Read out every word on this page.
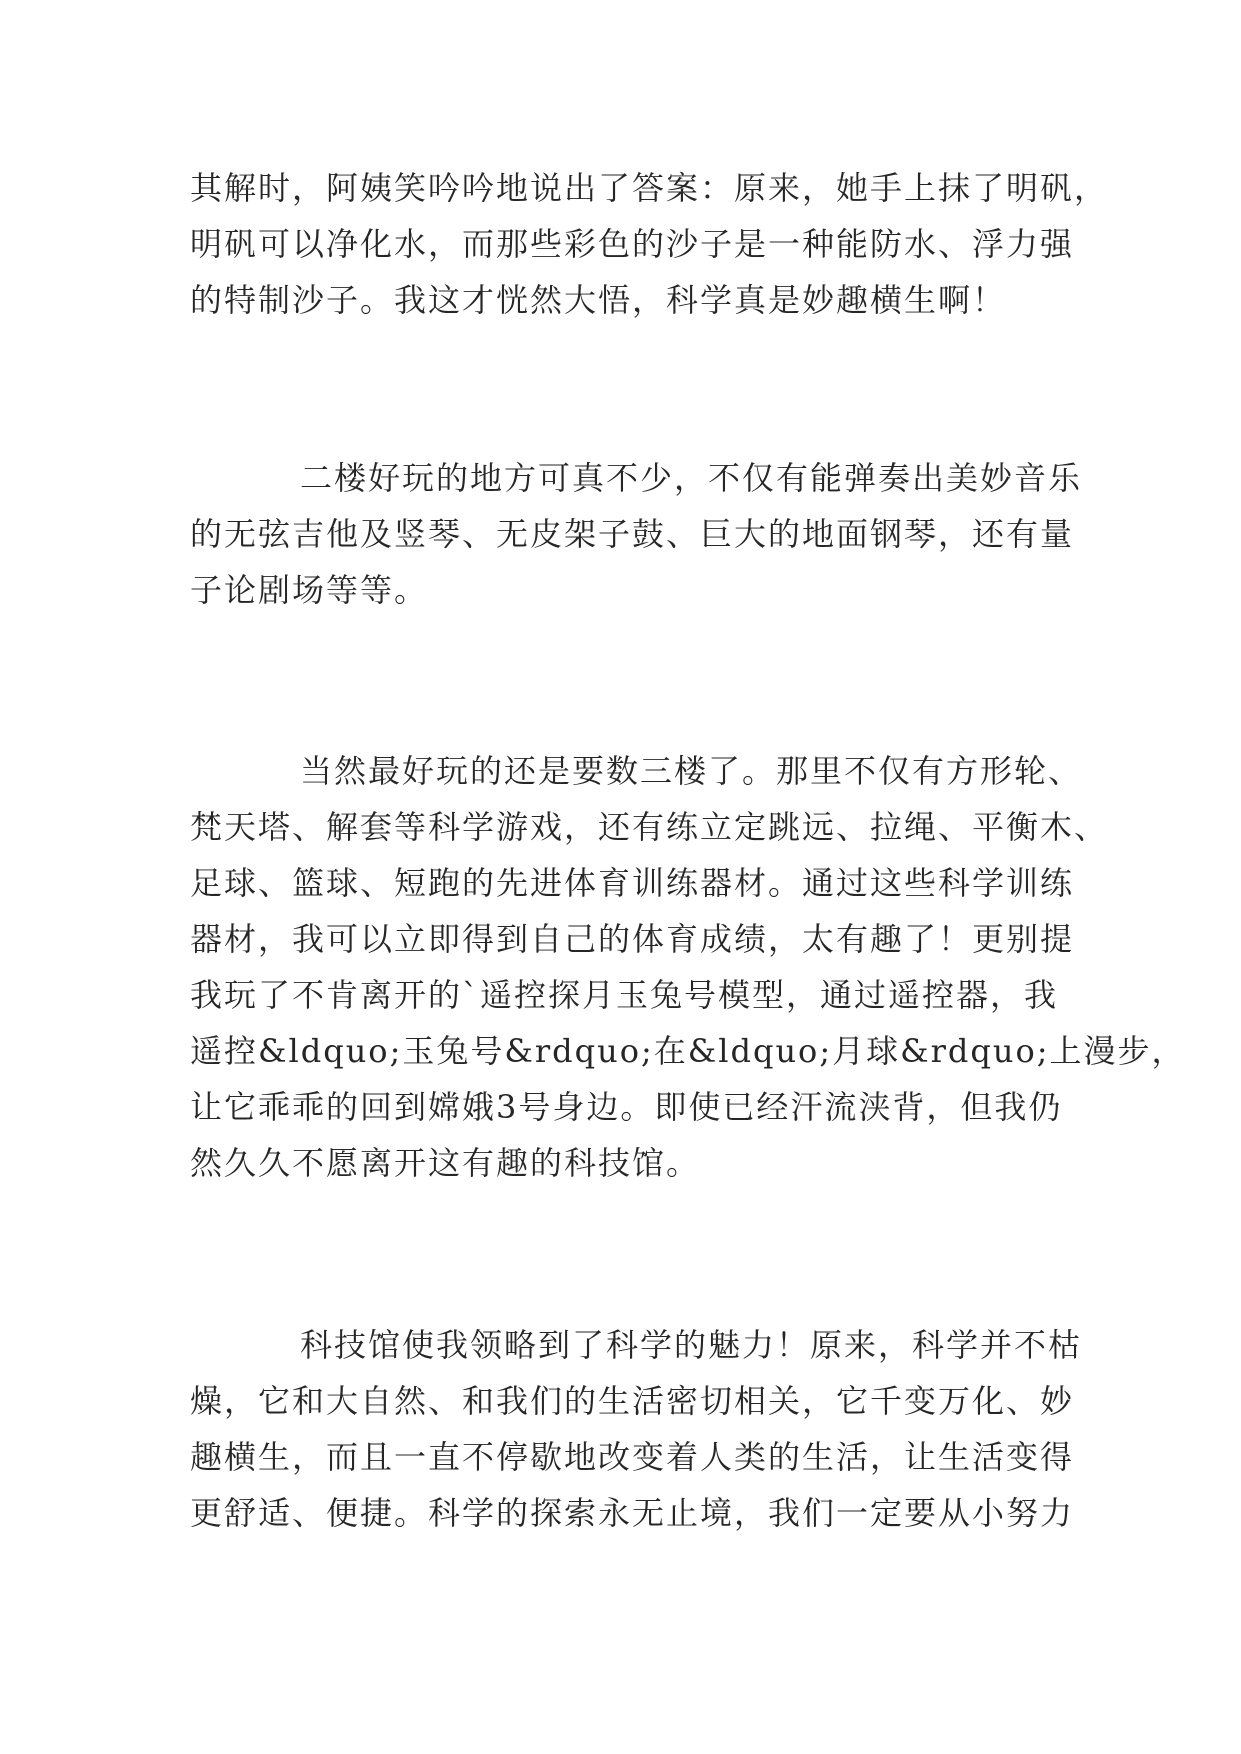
其解时，阿姨笑吟吟地说出了答案：原来，她手上抹了明矾，
明矾可以净化水，而那些彩色的沙子是一种能防水、浮力强
的特制沙子。我这才恍然大悟，科学真是妙趣横生啊！

二楼好玩的地方可真不少，不仅有能弹奏出美妙音乐
的无弦吉他及竖琴、无皮架子鼓、巨大的地面钢琴，还有量
子论剧场等等。

当然最好玩的还是要数三楼了。那里不仅有方形轮、
梵天塔、解套等科学游戏，还有练立定跳远、拉绳、平衡木、
足球、篮球、短跑的先进体育训练器材。通过这些科学训练
器材，我可以立即得到自己的体育成绩，太有趣了！更别提
我玩了不肯离开的`遥控探月玉兔号模型，通过遥控器，我
遥控&ldquo;玉兔号&rdquo;在&ldquo;月球&rdquo;上漫步，
让它乖乖的回到嫦娥3号身边。即使已经汗流浃背，但我仍
然久久不愿离开这有趣的科技馆。

科技馆使我领略到了科学的魅力！原来，科学并不枯
燥，它和大自然、和我们的生活密切相关，它千变万化、妙
趣横生，而且一直不停歇地改变着人类的生活，让生活变得
更舒适、便捷。科学的探索永无止境，我们一定要从小努力
